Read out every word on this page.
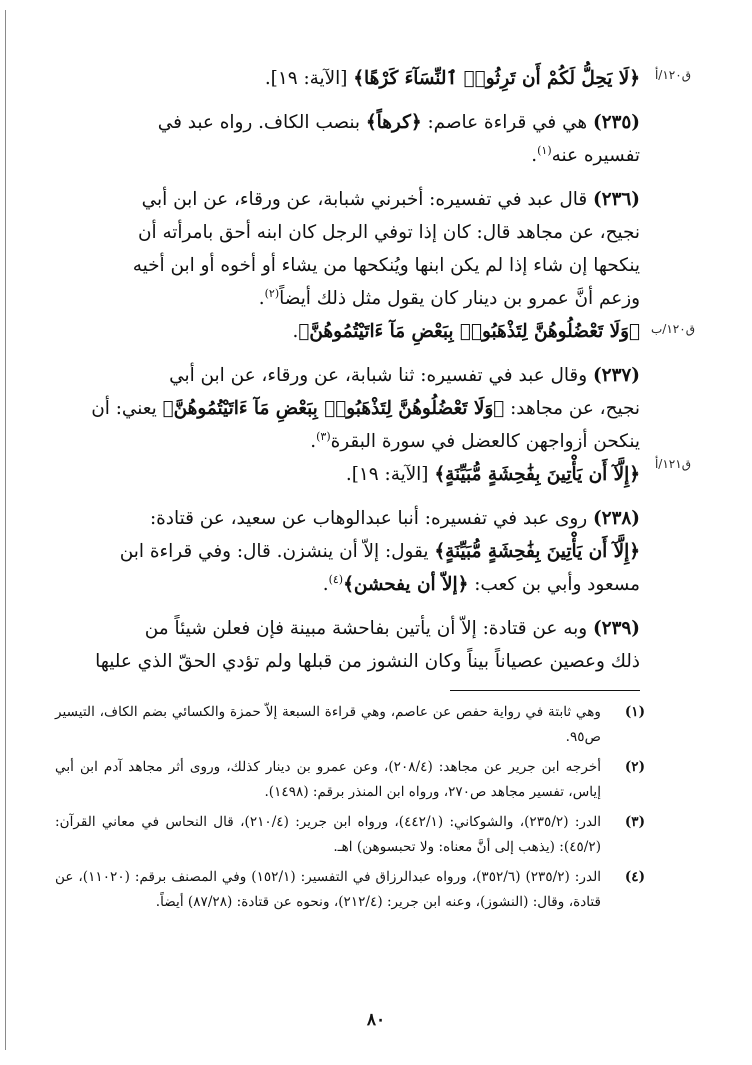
ق١٢٠/أ
ق١٢٠/ب
ق١٢١/أ
﴿لَا يَحِلُّ لَكُمْ أَن تَرِثُوا۟ ٱلنِّسَآءَ كَرْهًا﴾ [الآية: ١٩].
(٢٣٥) هي في قراءة عاصم: ﴿كرهاً﴾ بنصب الكاف. رواه عبد في
تفسيره عنه$^{(١)}$.
(٢٣٦) قال عبد في تفسيره: أخبرني شبابة، عن ورقاء، عن ابن أبي
نجيح، عن مجاهد قال: كان إذا توفي الرجل كان ابنه أحق بامرأته أن
ينكحها إن شاء إذا لم يكن ابنها ويُنكحها من يشاء أو أخوه أو ابن أخيه
وزعم أنَّ عمرو بن دينار كان يقول مثل ذلك أيضاً$^{(٢)}$.
﴿وَلَا تَعْضُلُوهُنَّ لِتَذْهَبُوا۟ بِبَعْضِ مَآ ءَاتَيْتُمُوهُنَّ﴾.
(٢٣٧) وقال عبد في تفسيره: ثنا شبابة، عن ورقاء، عن ابن أبي
نجيح، عن مجاهد: ﴿وَلَا تَعْضُلُوهُنَّ لِتَذْهَبُوا۟ بِبَعْضِ مَآ ءَاتَيْتُمُوهُنَّ﴾ يعني: أن
ينكحن أزواجهن كالعضل في سورة البقرة$^{(٣)}$.
﴿إِلَّآ أَن يَأْتِينَ بِفَٰحِشَةٍ مُّبَيِّنَةٍ﴾ [الآية: ١٩].
(٢٣٨) روى عبد في تفسيره: أنبا عبدالوهاب عن سعيد، عن قتادة:
﴿إِلَّآ أَن يَأْتِينَ بِفَٰحِشَةٍ مُّبَيِّنَةٍ﴾ يقول: إلاّ أن ينشزن. قال: وفي قراءة ابن
مسعود وأبي بن كعب: ﴿إلاّ أن يفحشن﴾$^{(٤)}$.
(٢٣٩) وبه عن قتادة: إلاّ أن يأتين بفاحشة مبينة فإن فعلن شيئاً من
ذلك وعصين عصياناً بيناً وكان النشوز من قبلها ولم تؤدي الحقّ الذي عليها
(١)
وهي ثابتة في رواية حفص عن عاصم، وهي قراءة السبعة إلاّ حمزة والكسائي بضم الكاف، التيسير ص٩٥.
(٢)
أخرجه ابن جرير عن مجاهد: (٢٠٨/٤)، وعن عمرو بن دينار كذلك، وروى أثر مجاهد آدم ابن أبي إياس، تفسير مجاهد ص٢٧٠، ورواه ابن المنذر برقم: (١٤٩٨).
(٣)
الدر: (٢٣٥/٢)، والشوكاني: (٤٤٢/١)، ورواه ابن جرير: (٢١٠/٤)، قال النحاس في معاني القرآن: (٤٥/٢): (يذهب إلى أنَّ معناه: ولا تحبسوهن) اهـ.
(٤)
الدر: (٢٣٥/٢) (٣٥٢/٦)، ورواه عبدالرزاق في التفسير: (١٥٢/١) وفي المصنف برقم: (١١٠٢٠)، عن قتادة، وقال: (النشوز)، وعنه ابن جرير: (٢١٢/٤)، ونحوه عن قتادة: (٨٧/٢٨) أيضاً.
٨٠
